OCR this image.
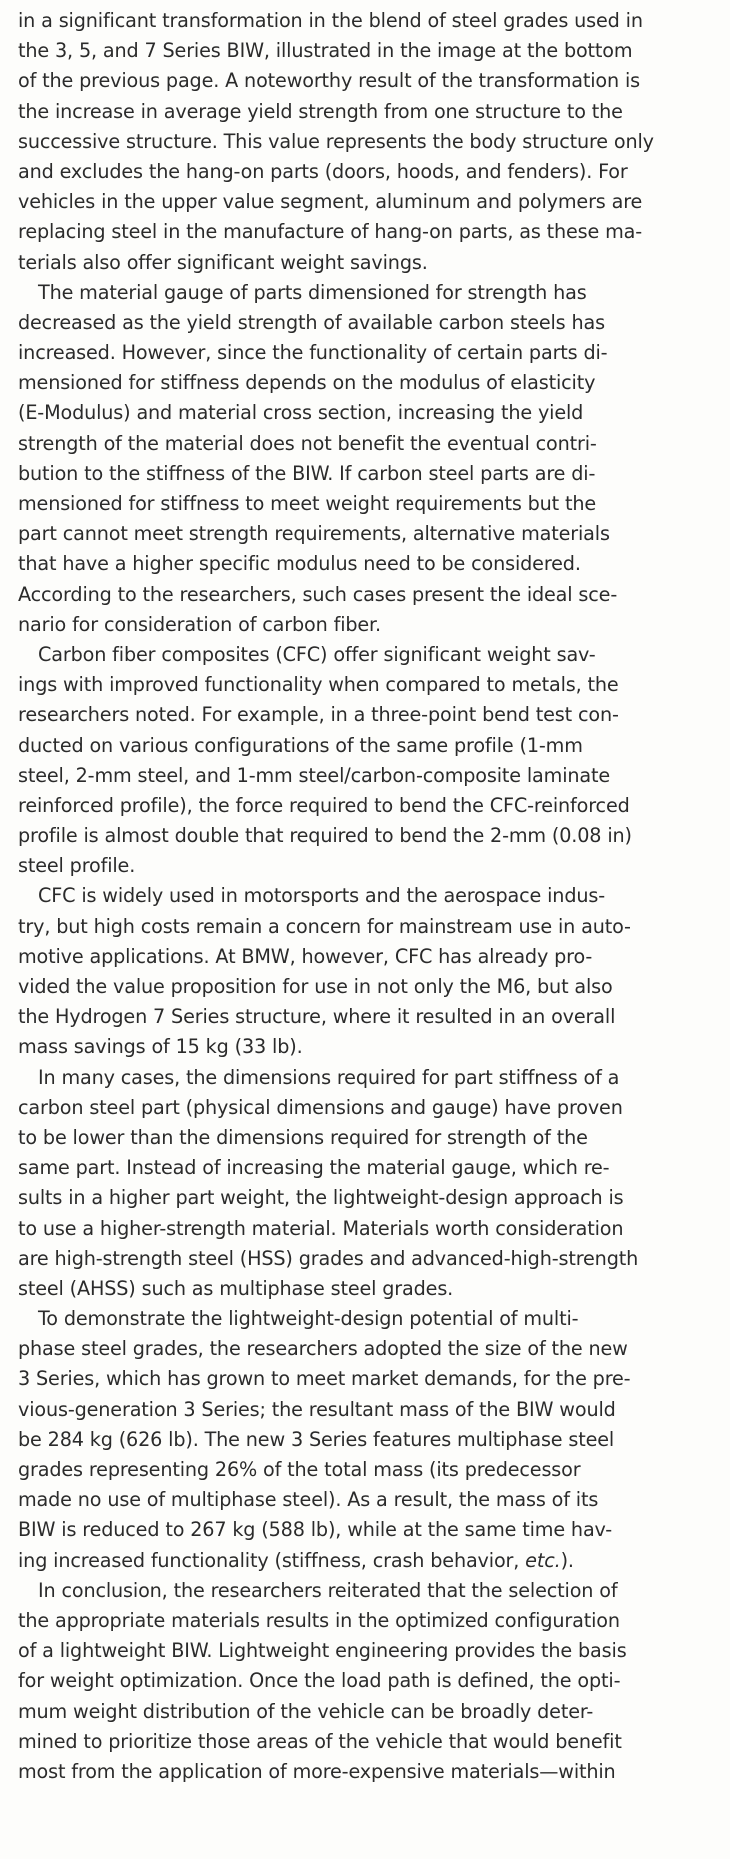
in a significant transformation in the blend of steel grades used in
the 3, 5, and 7 Series BIW, illustrated in the image at the bottom
of the previous page. A noteworthy result of the transformation is
the increase in average yield strength from one structure to the
successive structure. This value represents the body structure only
and excludes the hang-on parts (doors, hoods, and fenders). For
vehicles in the upper value segment, aluminum and polymers are
replacing steel in the manufacture of hang-on parts, as these ma-
terials also offer significant weight savings.
The material gauge of parts dimensioned for strength has
decreased as the yield strength of available carbon steels has
increased. However, since the functionality of certain parts di-
mensioned for stiffness depends on the modulus of elasticity
(E-Modulus) and material cross section, increasing the yield
strength of the material does not benefit the eventual contri-
bution to the stiffness of the BIW. If carbon steel parts are di-
mensioned for stiffness to meet weight requirements but the
part cannot meet strength requirements, alternative materials
that have a higher specific modulus need to be considered.
According to the researchers, such cases present the ideal sce-
nario for consideration of carbon fiber.
Carbon fiber composites (CFC) offer significant weight sav-
ings with improved functionality when compared to metals, the
researchers noted. For example, in a three-point bend test con-
ducted on various configurations of the same profile (1-mm
steel, 2-mm steel, and 1-mm steel/carbon-composite laminate
reinforced profile), the force required to bend the CFC-reinforced
profile is almost double that required to bend the 2-mm (0.08 in)
steel profile.
CFC is widely used in motorsports and the aerospace indus-
try, but high costs remain a concern for mainstream use in auto-
motive applications. At BMW, however, CFC has already pro-
vided the value proposition for use in not only the M6, but also
the Hydrogen 7 Series structure, where it resulted in an overall
mass savings of 15 kg (33 lb).
In many cases, the dimensions required for part stiffness of a
carbon steel part (physical dimensions and gauge) have proven
to be lower than the dimensions required for strength of the
same part. Instead of increasing the material gauge, which re-
sults in a higher part weight, the lightweight-design approach is
to use a higher-strength material. Materials worth consideration
are high-strength steel (HSS) grades and advanced-high-strength
steel (AHSS) such as multiphase steel grades.
To demonstrate the lightweight-design potential of multi-
phase steel grades, the researchers adopted the size of the new
3 Series, which has grown to meet market demands, for the pre-
vious-generation 3 Series; the resultant mass of the BIW would
be 284 kg (626 lb). The new 3 Series features multiphase steel
grades representing 26% of the total mass (its predecessor
made no use of multiphase steel). As a result, the mass of its
BIW is reduced to 267 kg (588 lb), while at the same time hav-
ing increased functionality (stiffness, crash behavior, etc.).
In conclusion, the researchers reiterated that the selection of
the appropriate materials results in the optimized configuration
of a lightweight BIW. Lightweight engineering provides the basis
for weight optimization. Once the load path is defined, the opti-
mum weight distribution of the vehicle can be broadly deter-
mined to prioritize those areas of the vehicle that would benefit
most from the application of more-expensive materials—within
